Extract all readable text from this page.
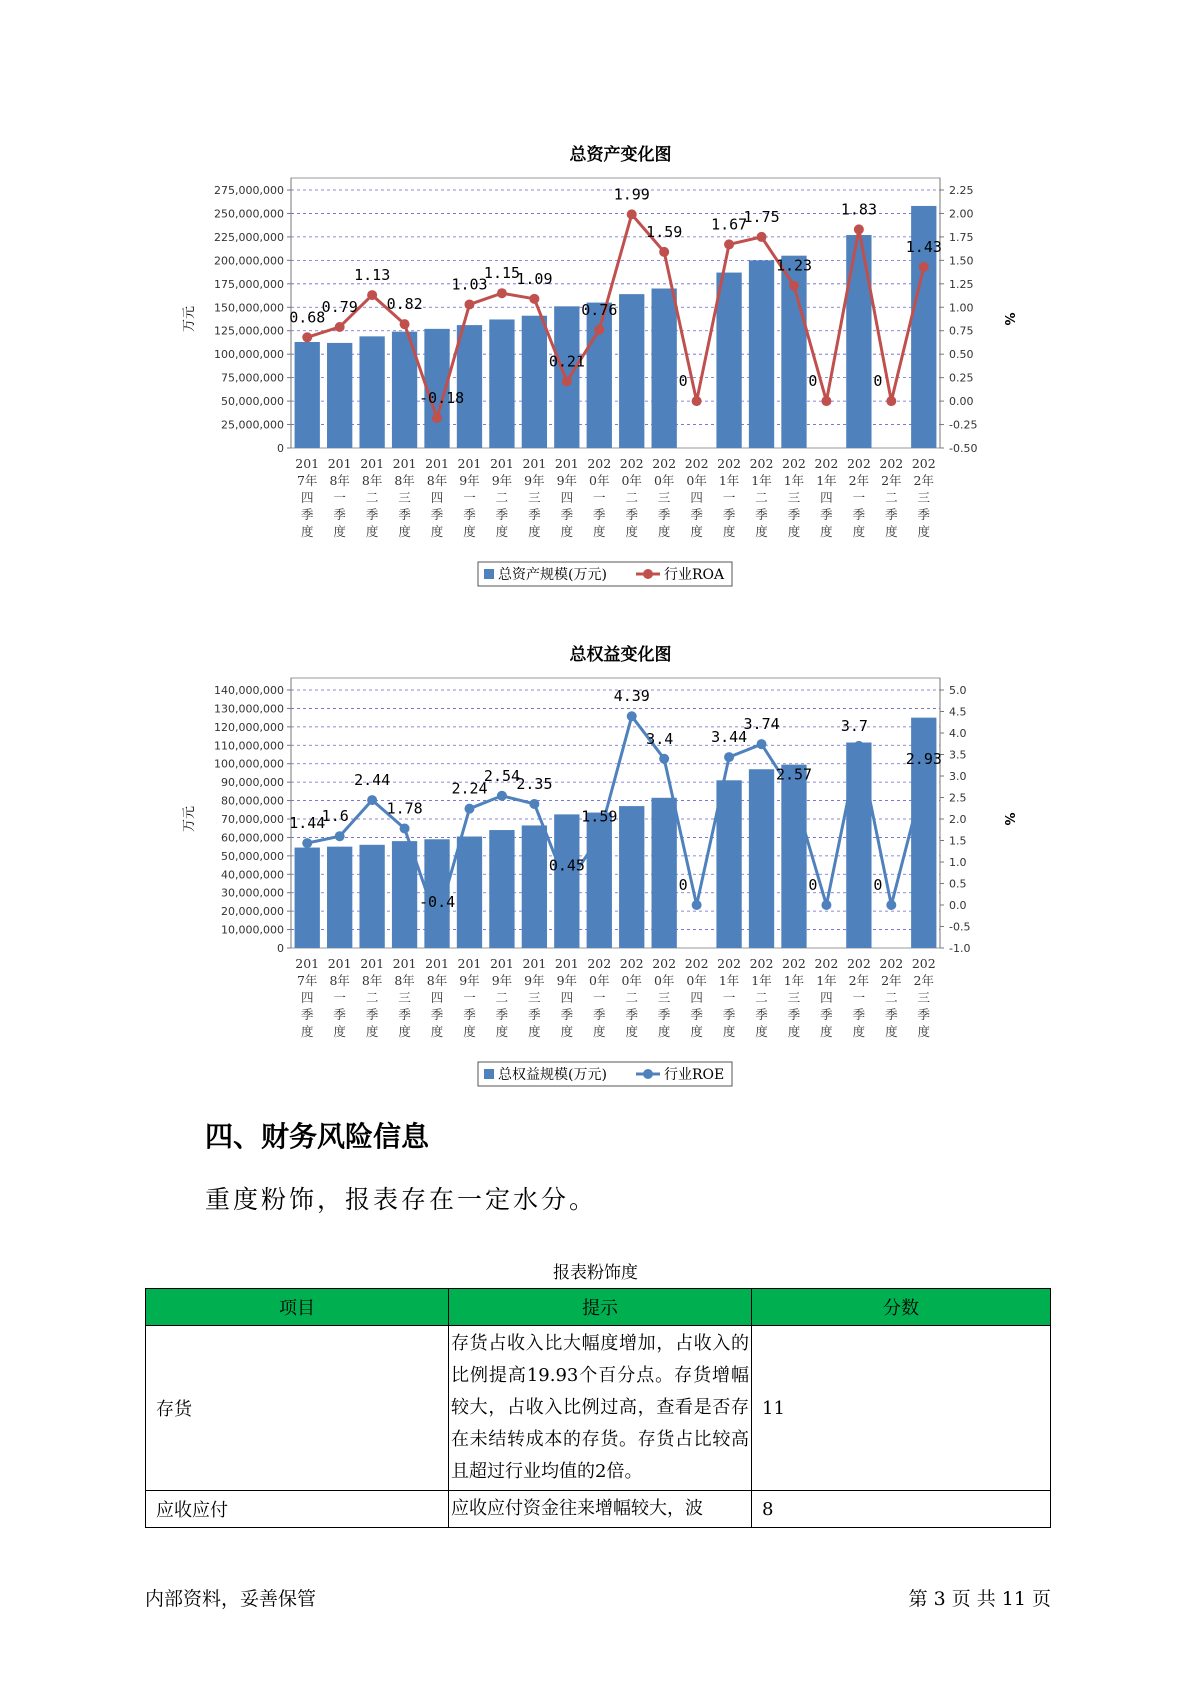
总资产变化图
0
25,000,000
50,000,000
75,000,000
100,000,000
125,000,000
150,000,000
175,000,000
200,000,000
225,000,000
250,000,000
275,000,000
-0.50
-0.25
0.00
0.25
0.50
0.75
1.00
1.25
1.50
1.75
2.00
2.25
万元	%
201 7年四季度
201 8年一季度
201 8年二季度
201 8年三季度
201 8年四季度
201 9年一季度
201 9年二季度
201 9年三季度
201 9年四季度
202 0年一季度
202 0年二季度
202 0年三季度
202 0年四季度
202 1年一季度
202 1年二季度
202 1年三季度
202 1年四季度
202 2年一季度
202 2年二季度
202 2年三季度
0.68
0.79
1.13
0.82
-0.18
1.03
1.15
1.09
0.21
0.76
1.99
1.59
0
1.67
1.75
1.23
0
1.83
0
1.43
总资产规模(万元)	行业ROA
总权益变化图
0
10,000,000
20,000,000
30,000,000
40,000,000
50,000,000
60,000,000
70,000,000
80,000,000
90,000,000
100,000,000
110,000,000
120,000,000
130,000,000
140,000,000
-1.0
-0.5
0.0
0.5
1.0
1.5
2.0
2.5
3.0
3.5
4.0
4.5
5.0
万元	%
201 7年四季度
201 8年一季度
201 8年二季度
201 8年三季度
201 8年四季度
201 9年一季度
201 9年二季度
201 9年三季度
201 9年四季度
202 0年一季度
202 0年二季度
202 0年三季度
202 0年四季度
202 1年一季度
202 1年二季度
202 1年三季度
202 1年四季度
202 2年一季度
202 2年二季度
202 2年三季度
1.44
1.6
2.44
1.78
-0.4
2.24
2.54
2.35
0.45
1.59
4.39
3.4
0
3.44
3.74
2.57
0
3.7
0
2.93
总权益规模(万元)	行业ROE
四、财务风险信息
重度粉饰，报表存在一定水分。
报表粉饰度
项目	提示	分数
存货	存货占收入比大幅度增加，占收入的比例提高19.93个百分点。存货增幅较大，占收入比例过高，查看是否存在未结转成本的存货。存货占比较高且超过行业均值的2倍。	11
应收应付	应收应付资金往来增幅较大，波	8
内部资料，妥善保管	第 3 页 共 11 页
